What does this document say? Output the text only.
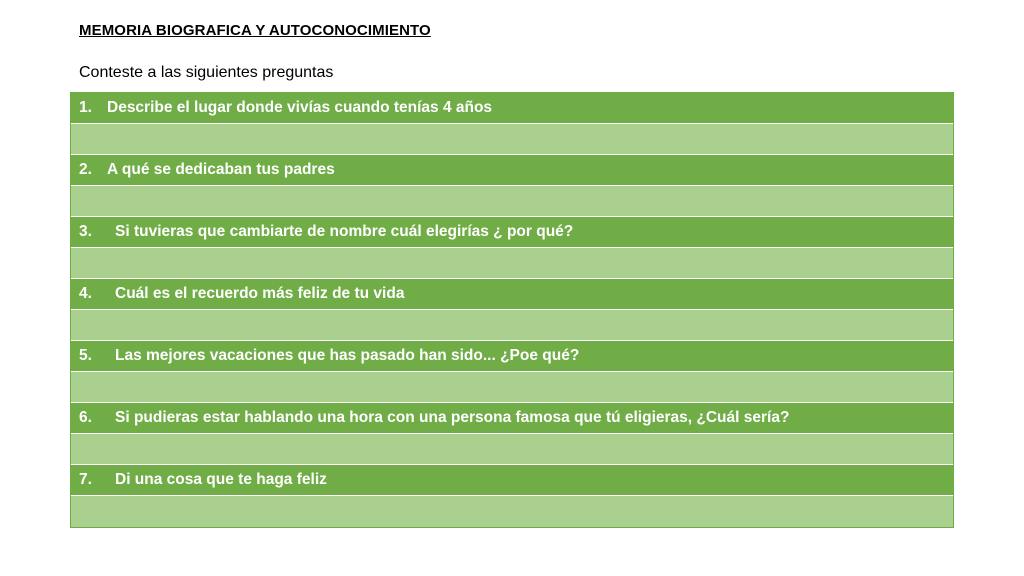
MEMORIA BIOGRAFICA Y AUTOCONOCIMIENTO
Conteste a las siguientes preguntas
1. Describe el lugar donde vivías cuando tenías 4 años
2. A qué se dedicaban tus padres
3.	Si tuvieras que cambiarte de nombre cuál elegirías ¿ por qué?
4.	Cuál es el recuerdo más feliz de tu vida
5.	Las mejores vacaciones que has pasado han sido... ¿Poe qué?
6.	Si pudieras estar hablando una hora con una persona famosa que tú eligieras, ¿Cuál sería?
7.	Di una cosa que te haga feliz
